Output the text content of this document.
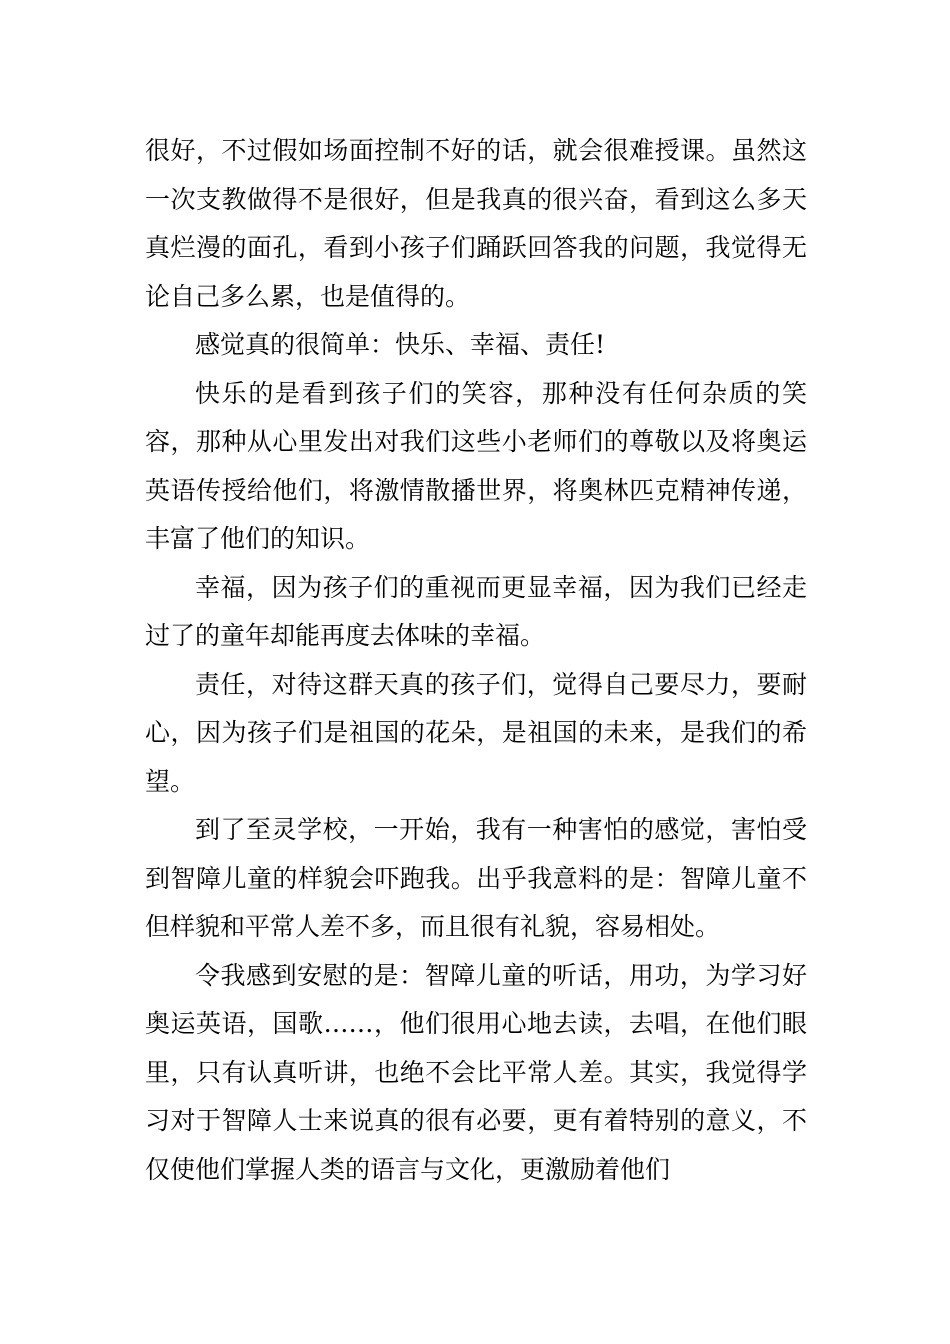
很好，不过假如场面控制不好的话，就会很难授课。虽然这一次支教做得不是很好，但是我真的很兴奋，看到这么多天真烂漫的面孔，看到小孩子们踊跃回答我的问题，我觉得无论自己多么累，也是值得的。

感觉真的很简单：快乐、幸福、责任!

快乐的是看到孩子们的笑容，那种没有任何杂质的笑容，那种从心里发出对我们这些小老师们的尊敬以及将奥运英语传授给他们，将激情散播世界，将奥林匹克精神传递，丰富了他们的知识。

幸福，因为孩子们的重视而更显幸福，因为我们已经走过了的童年却能再度去体味的幸福。

责任，对待这群天真的孩子们，觉得自己要尽力，要耐心，因为孩子们是祖国的花朵，是祖国的未来，是我们的希望。

到了至灵学校，一开始，我有一种害怕的感觉，害怕受到智障儿童的样貌会吓跑我。出乎我意料的是：智障儿童不但样貌和平常人差不多，而且很有礼貌，容易相处。

令我感到安慰的是：智障儿童的听话，用功，为学习好奥运英语，国歌……，他们很用心地去读，去唱，在他们眼里，只有认真听讲，也绝不会比平常人差。其实，我觉得学习对于智障人士来说真的很有必要，更有着特别的意义，不仅使他们掌握人类的语言与文化，更激励着他们
